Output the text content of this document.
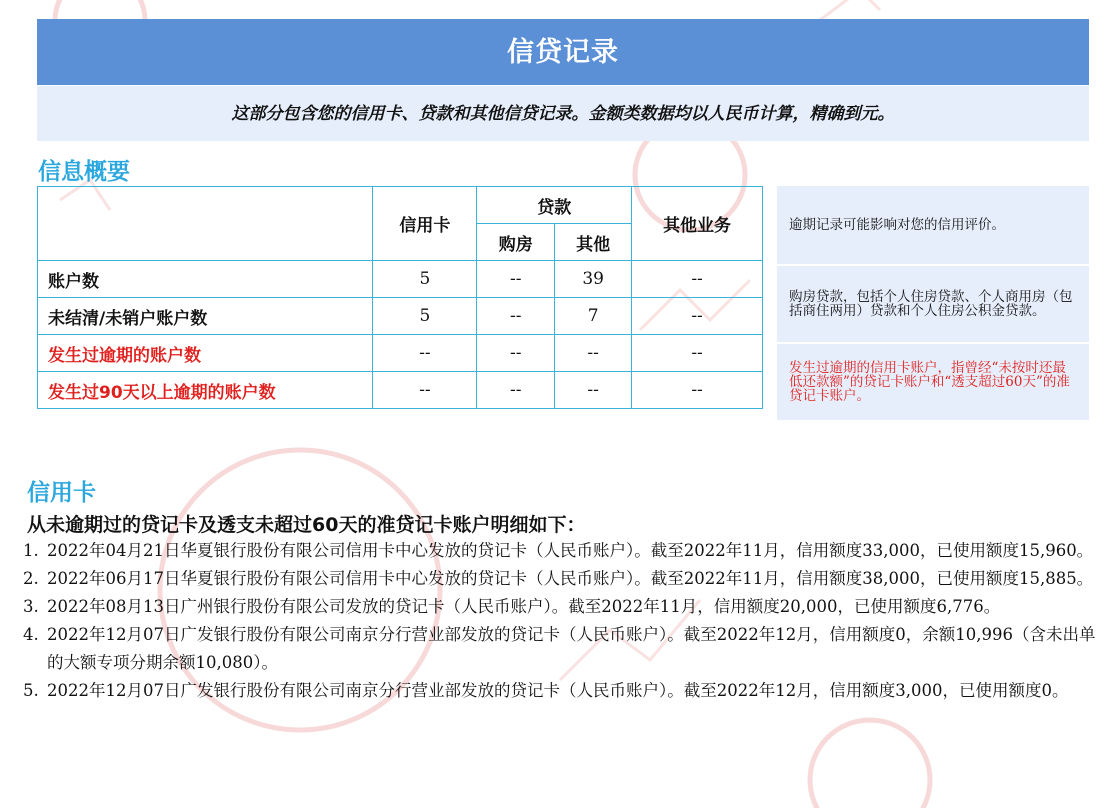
信贷记录
这部分包含您的信用卡、贷款和其他信贷记录。金额类数据均以人民币计算，精确到元。
信息概要
	信用卡	贷款		其他业务
		购房	其他	
账户数	5	--	39	--
未结清/未销户账户数	5	--	7	--
发生过逾期的账户数	--	--	--	--
发生过90天以上逾期的账户数	--	--	--	--
逾期记录可能影响对您的信用评价。
购房贷款，包括个人住房贷款、个人商用房（包括商住两用）贷款和个人住房公积金贷款。
发生过逾期的信用卡账户，指曾经“未按时还最低还款额”的贷记卡账户和“透支超过60天”的准贷记卡账户。
信用卡
从未逾期过的贷记卡及透支未超过60天的准贷记卡账户明细如下：
1. 2022年04月21日华夏银行股份有限公司信用卡中心发放的贷记卡（人民币账户）。截至2022年11月，信用额度33,000，已使用额度15,960。
2. 2022年06月17日华夏银行股份有限公司信用卡中心发放的贷记卡（人民币账户）。截至2022年11月，信用额度38,000，已使用额度15,885。
3. 2022年08月13日广州银行股份有限公司发放的贷记卡（人民币账户）。截至2022年11月，信用额度20,000，已使用额度6,776。
4. 2022年12月07日广发银行股份有限公司南京分行营业部发放的贷记卡（人民币账户）。截至2022年12月，信用额度0，余额10,996（含未出单的大额专项分期余额10,080）。
5. 2022年12月07日广发银行股份有限公司南京分行营业部发放的贷记卡（人民币账户）。截至2022年12月，信用额度3,000，已使用额度0。
